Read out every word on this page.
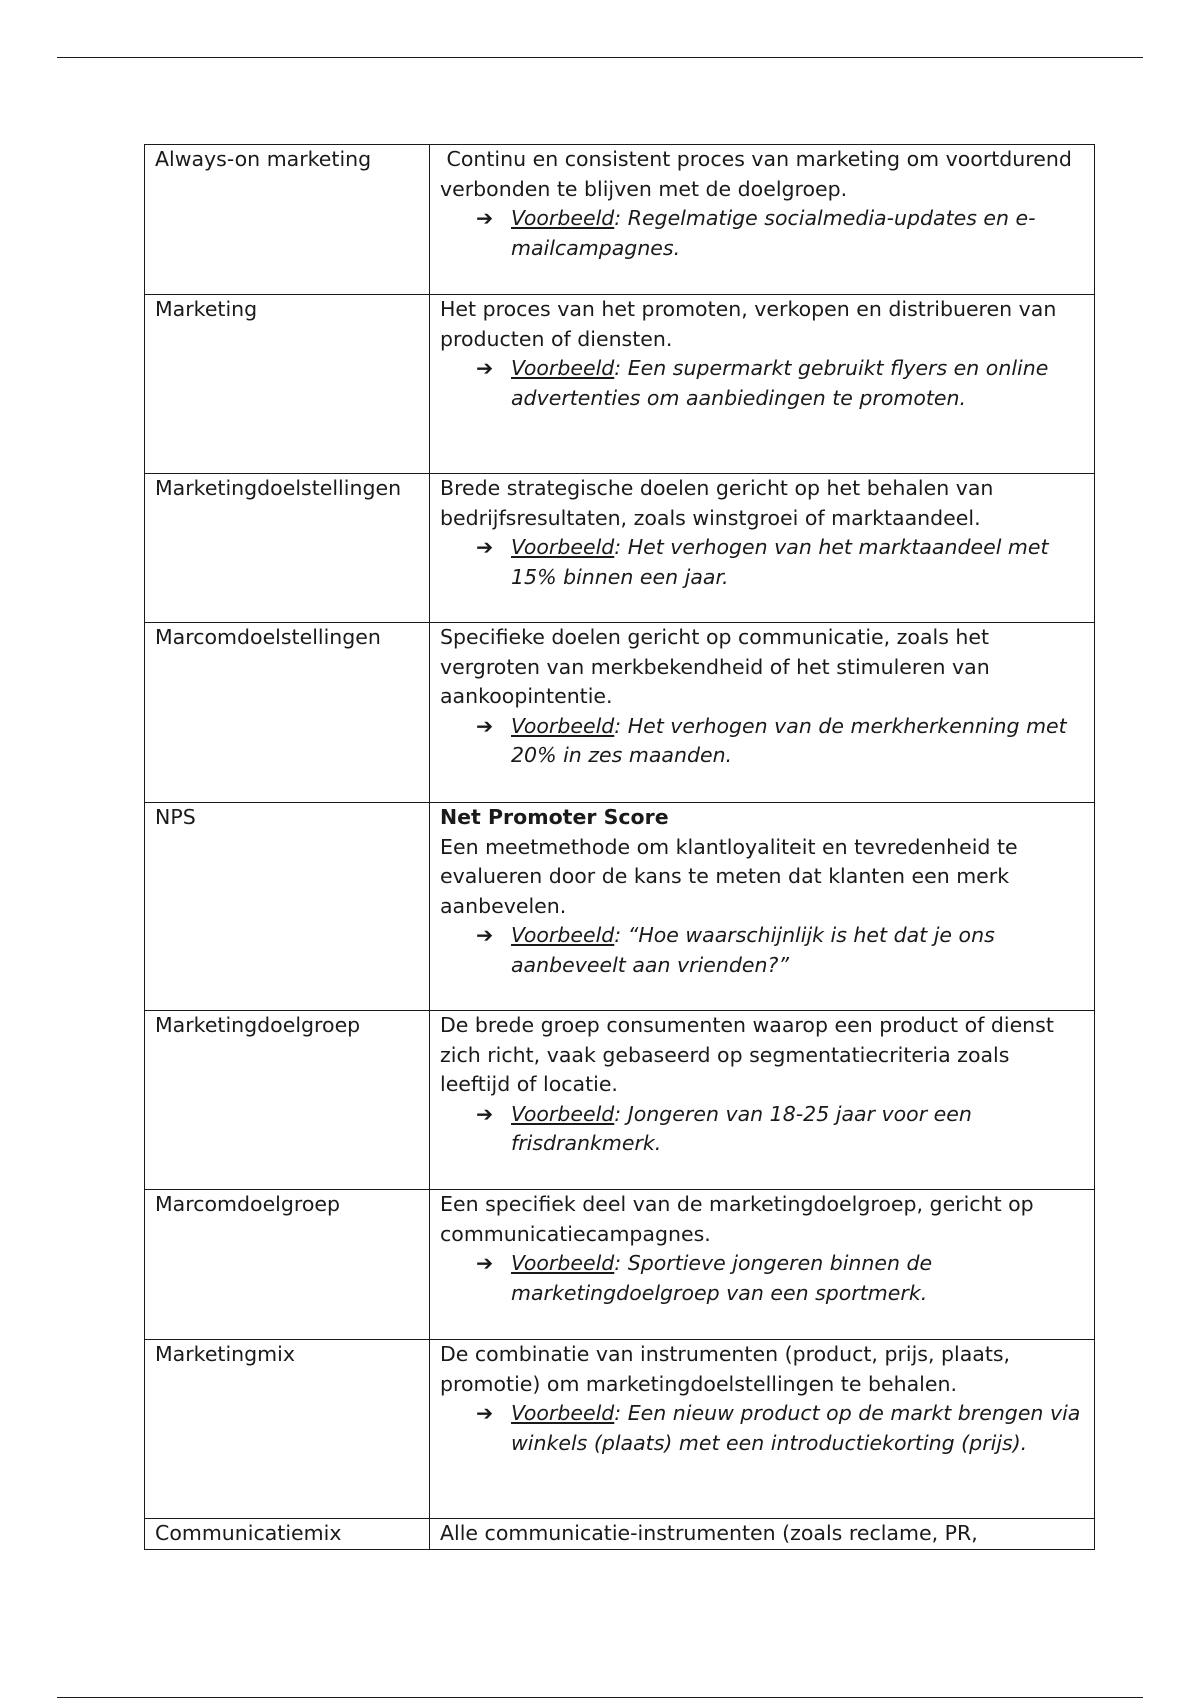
Always-on marketing	Continu en consistent proces van marketing om voortdurend verbonden te blijven met de doelgroep.
➔ Voorbeeld: Regelmatige socialmedia-updates en e-mailcampagnes.

Marketing	Het proces van het promoten, verkopen en distribueren van producten of diensten.
➔ Voorbeeld: Een supermarkt gebruikt flyers en online advertenties om aanbiedingen te promoten.

Marketingdoelstellingen	Brede strategische doelen gericht op het behalen van bedrijfsresultaten, zoals winstgroei of marktaandeel.
➔ Voorbeeld: Het verhogen van het marktaandeel met 15% binnen een jaar.

Marcomdoelstellingen	Specifieke doelen gericht op communicatie, zoals het vergroten van merkbekendheid of het stimuleren van aankoopintentie.
➔ Voorbeeld: Het verhogen van de merkherkenning met 20% in zes maanden.

NPS	Net Promoter Score
Een meetmethode om klantloyaliteit en tevredenheid te evalueren door de kans te meten dat klanten een merk aanbevelen.
➔ Voorbeeld: “Hoe waarschijnlijk is het dat je ons aanbeveelt aan vrienden?”

Marketingdoelgroep	De brede groep consumenten waarop een product of dienst zich richt, vaak gebaseerd op segmentatiecriteria zoals leeftijd of locatie.
➔ Voorbeeld: Jongeren van 18-25 jaar voor een frisdrankmerk.

Marcomdoelgroep	Een specifiek deel van de marketingdoelgroep, gericht op communicatiecampagnes.
➔ Voorbeeld: Sportieve jongeren binnen de marketingdoelgroep van een sportmerk.

Marketingmix	De combinatie van instrumenten (product, prijs, plaats, promotie) om marketingdoelstellingen te behalen.
➔ Voorbeeld: Een nieuw product op de markt brengen via winkels (plaats) met een introductiekorting (prijs).

Communicatiemix	Alle communicatie-instrumenten (zoals reclame, PR,
